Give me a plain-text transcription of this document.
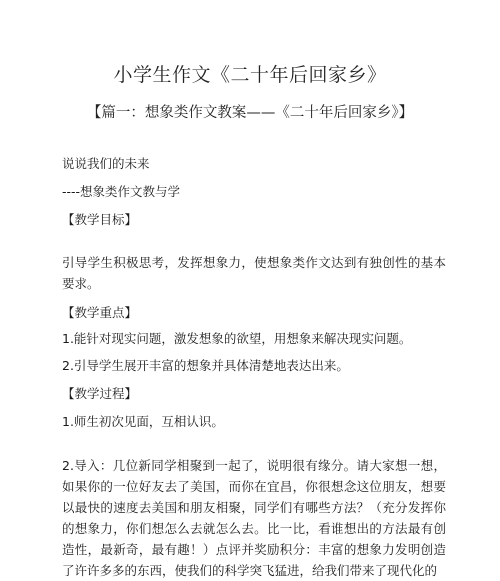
小学生作文《二十年后回家乡》
【篇一：想象类作文教案——《二十年后回家乡》】
说说我们的未来
----想象类作文教与学
【教学目标】
引导学生积极思考，发挥想象力，使想象类作文达到有独创性的基本要求。
【教学重点】
1.能针对现实问题，激发想象的欲望，用想象来解决现实问题。
2.引导学生展开丰富的想象并具体清楚地表达出来。
【教学过程】
1.师生初次见面，互相认识。
2.导入：几位新同学相聚到一起了，说明很有缘分。请大家想一想，如果你的一位好友去了美国，而你在宜昌，你很想念这位朋友，想要以最快的速度去美国和朋友相聚，同学们有哪些方法？（充分发挥你的想象力，你们想怎么去就怎么去。比一比，看谁想出的方法最有创造性，最新奇，最有趣！）点评并奖励积分：丰富的想象力发明创造了许许多多的东西，使我们的科学突飞猛进，给我们带来了现代化的
